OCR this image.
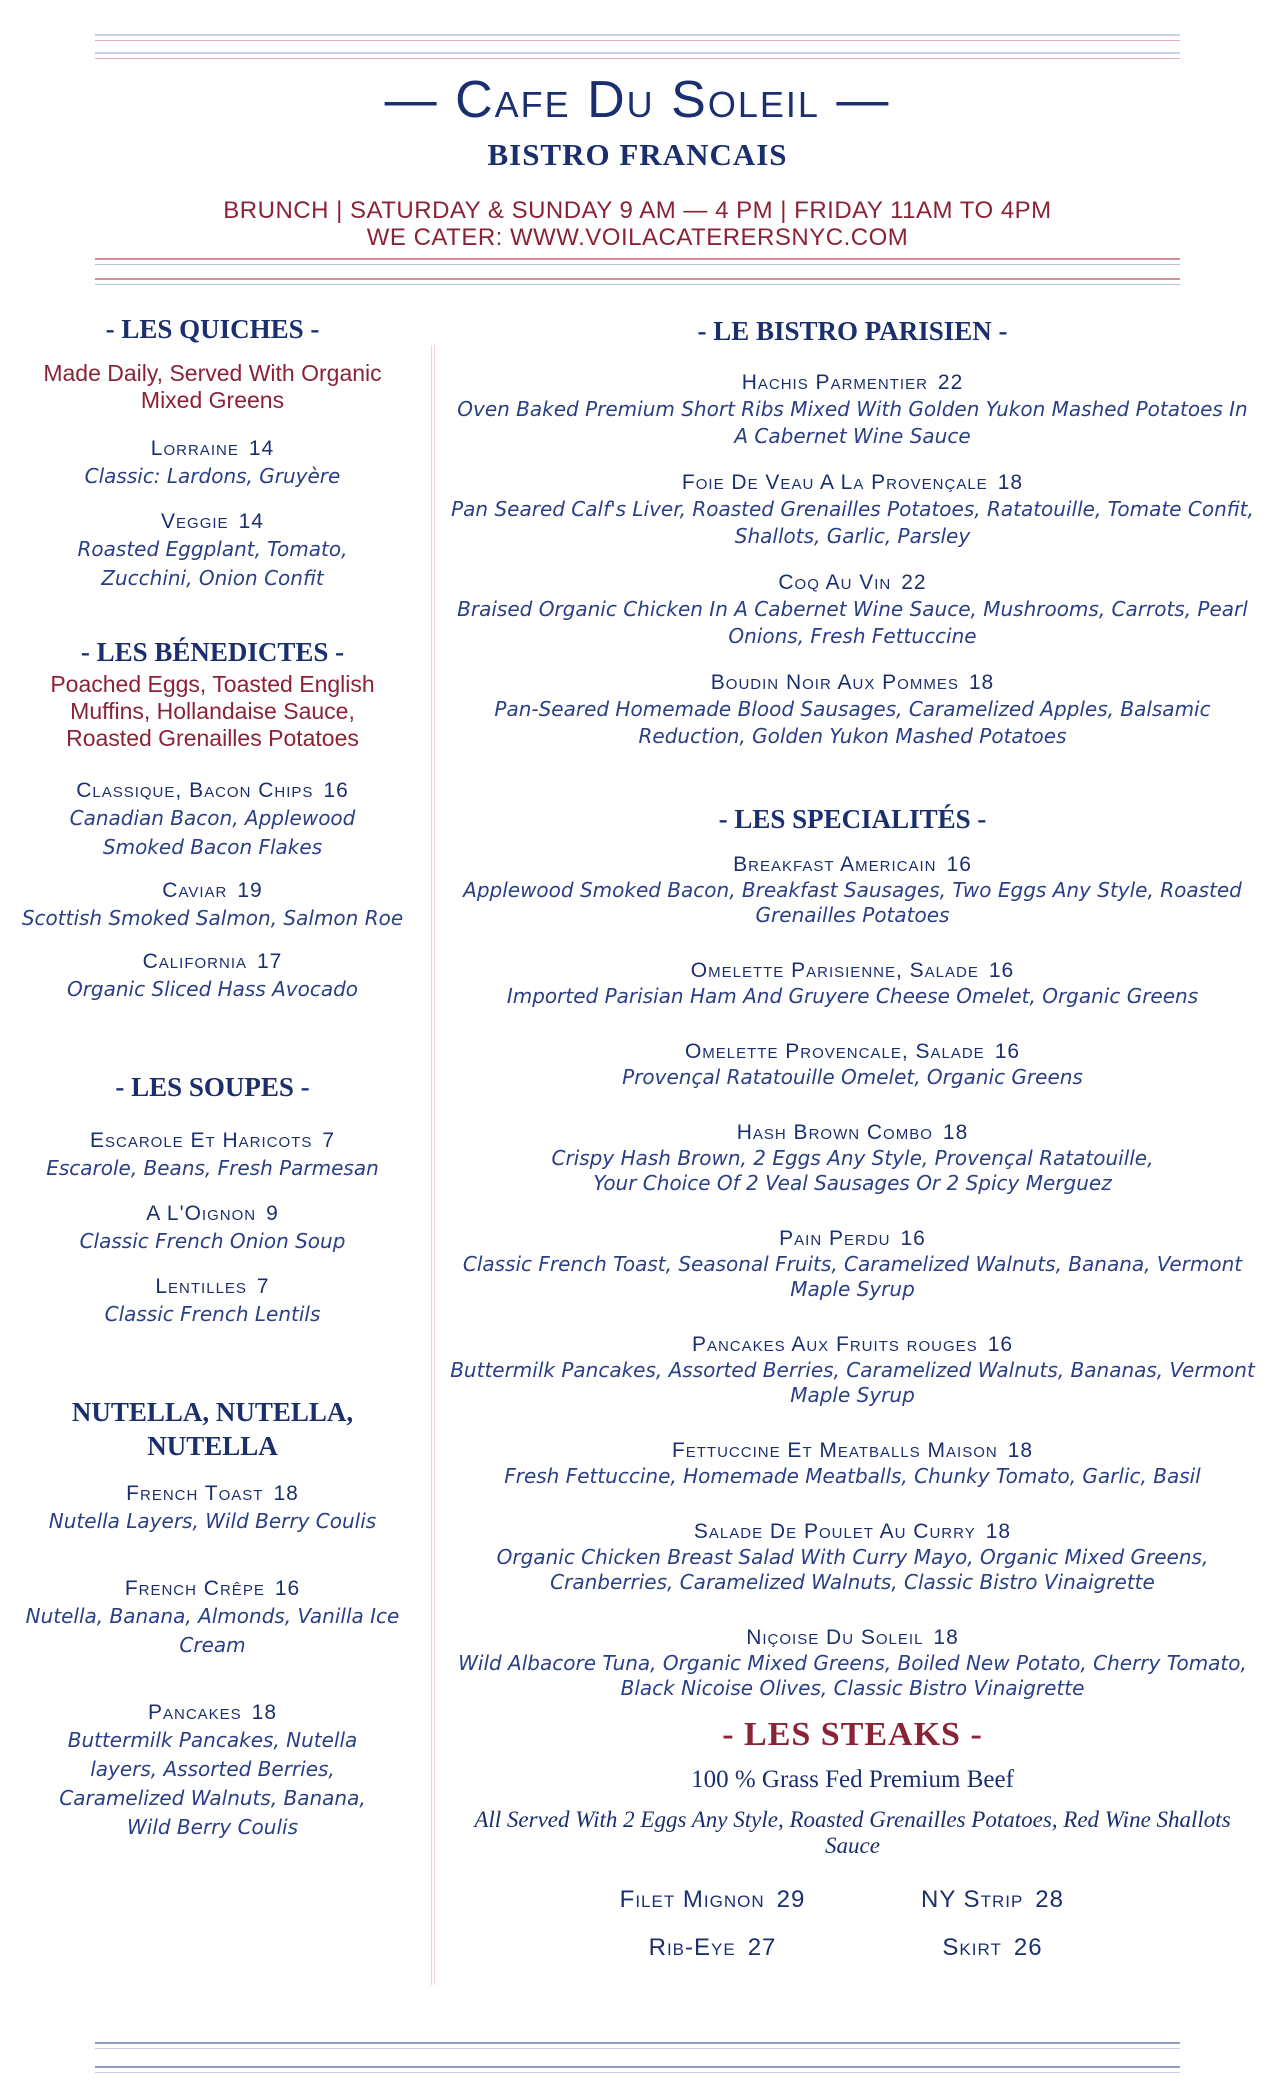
— Cafe Du Soleil —
BISTRO FRANCAIS
BRUNCH | SATURDAY & SUNDAY 9 AM — 4 PM | FRIDAY 11AM TO 4PM
WE CATER: WWW.VOILACATERERSNYC.COM
- LES QUICHES -
Made Daily, Served With Organic Mixed Greens
Lorraine 14
Classic: Lardons, Gruyère
Veggie 14
Roasted Eggplant, Tomato, Zucchini, Onion Confit
- LES BÉNEDICTES -
Poached Eggs, Toasted English Muffins, Hollandaise Sauce, Roasted Grenailles Potatoes
Classique, Bacon Chips 16
Canadian Bacon, Applewood Smoked Bacon Flakes
Caviar 19
Scottish Smoked Salmon, Salmon Roe
California 17
Organic Sliced Hass Avocado
- LES SOUPES -
Escarole Et Haricots 7
Escarole, Beans, Fresh Parmesan
A L'Oignon 9
Classic French Onion Soup
Lentilles 7
Classic French Lentils
NUTELLA, NUTELLA, NUTELLA
French Toast 18
Nutella Layers, Wild Berry Coulis
French Crêpe 16
Nutella, Banana, Almonds, Vanilla Ice Cream
Pancakes 18
Buttermilk Pancakes, Nutella layers, Assorted Berries, Caramelized Walnuts, Banana, Wild Berry Coulis
- LE BISTRO PARISIEN -
Hachis Parmentier 22
Oven Baked Premium Short Ribs Mixed With Golden Yukon Mashed Potatoes In A Cabernet Wine Sauce
Foie De Veau A La Provençale 18
Pan Seared Calf's Liver, Roasted Grenailles Potatoes, Ratatouille, Tomate Confit, Shallots, Garlic, Parsley
Coq Au Vin 22
Braised Organic Chicken In A Cabernet Wine Sauce, Mushrooms, Carrots, Pearl Onions, Fresh Fettuccine
Boudin Noir Aux Pommes 18
Pan-Seared Homemade Blood Sausages, Caramelized Apples, Balsamic Reduction, Golden Yukon Mashed Potatoes
- LES SPECIALITÉS -
Breakfast Americain 16
Applewood Smoked Bacon, Breakfast Sausages, Two Eggs Any Style, Roasted Grenailles Potatoes
Omelette Parisienne, Salade 16
Imported Parisian Ham And Gruyere Cheese Omelet, Organic Greens
Omelette Provencale, Salade 16
Provençal Ratatouille Omelet, Organic Greens
Hash Brown Combo 18
Crispy Hash Brown, 2 Eggs Any Style, Provençal Ratatouille, Your Choice Of 2 Veal Sausages Or 2 Spicy Merguez
Pain Perdu 16
Classic French Toast, Seasonal Fruits, Caramelized Walnuts, Banana, Vermont Maple Syrup
Pancakes Aux Fruits rouges 16
Buttermilk Pancakes, Assorted Berries, Caramelized Walnuts, Bananas, Vermont Maple Syrup
Fettuccine Et Meatballs Maison 18
Fresh Fettuccine, Homemade Meatballs, Chunky Tomato, Garlic, Basil
Salade De Poulet Au Curry 18
Organic Chicken Breast Salad With Curry Mayo, Organic Mixed Greens, Cranberries, Caramelized Walnuts, Classic Bistro Vinaigrette
Niçoise Du Soleil 18
Wild Albacore Tuna, Organic Mixed Greens, Boiled New Potato, Cherry Tomato, Black Nicoise Olives, Classic Bistro Vinaigrette
- LES STEAKS -
100 % Grass Fed Premium Beef
All Served With 2 Eggs Any Style, Roasted Grenailles Potatoes, Red Wine Shallots Sauce
Filet Mignon 29	NY Strip 28
Rib-Eye 27	Skirt 26
